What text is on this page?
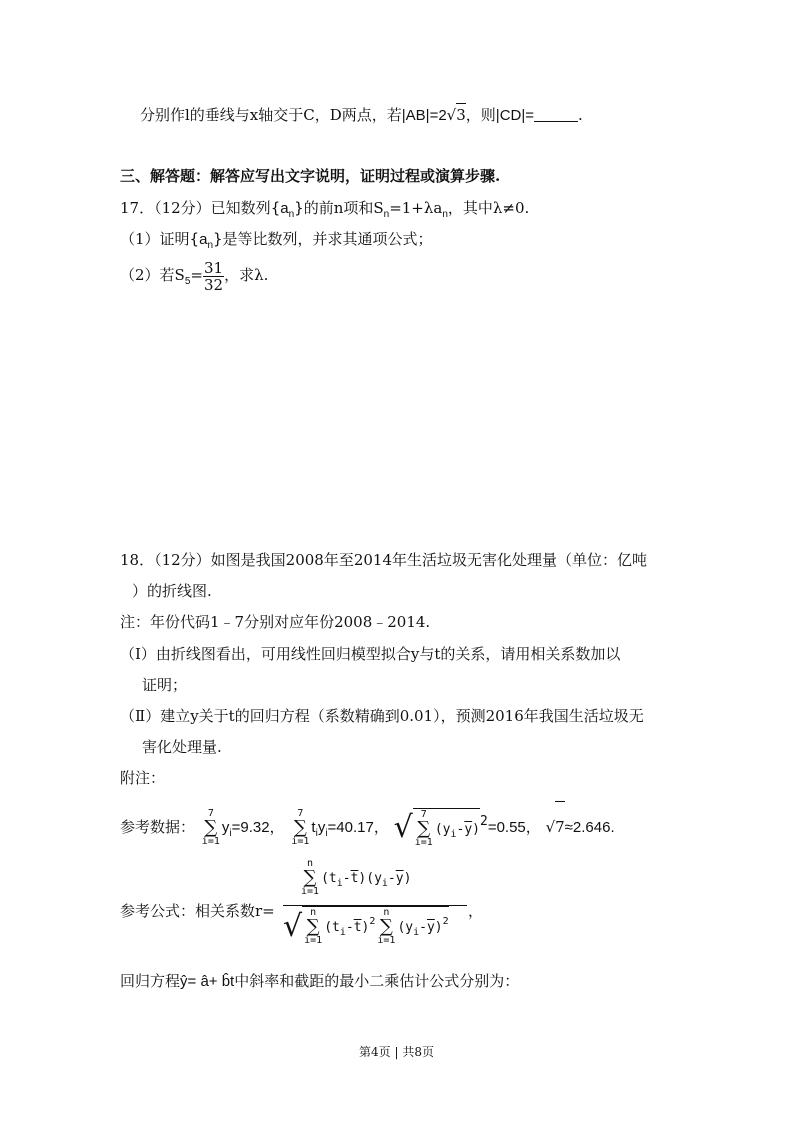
分别作l的垂线与x轴交于C，D两点，若|AB|=2√3，则|CD|=	.
三、解答题：解答应写出文字说明，证明过程或演算步骤.
17．（12分）已知数列$\{a_n\}$的前n项和$S_n=1+\lambda a_n$，其中λ≠0.
（1）证明$\{a_n\}$是等比数列，并求其通项公式；
（2）若$S_5= \frac{31}{32}$ ，求λ.
18．（12分）如图是我国2008年至2014年生活垃圾无害化处理量（单位：亿吨
）的折线图.
注：年份代码1﹣7分别对应年份2008﹣2014.
（Ⅰ）由折线图看出，可用线性回归模型拟合y与t的关系，请用相关系数加以
证明；
（Ⅱ）建立y关于t的回归方程（系数精确到0.01），预测2016年我国生活垃圾无
害化处理量.
附注：
参考数据：
7
∑
i=1
$y_i=9.32$，
7
∑
i=1
$t_iy_i=40.17$， √ 7
∑
i=1
$(y_i-\overline{y})2=0.55$， √7≈2.646.
参考公式：相关系数r=
n
∑
i=1
$(t_i-\overline{t})(y_i-\overline{y})$
√ n
∑
i=1
$(t_i-\overline{t})^2$
n
∑
i=1
$(y_i-\overline{y})^2$
，
回归方程ŷ= â+ b̂t中斜率和截距的最小二乘估计公式分别为：
第4页 | 共8页
